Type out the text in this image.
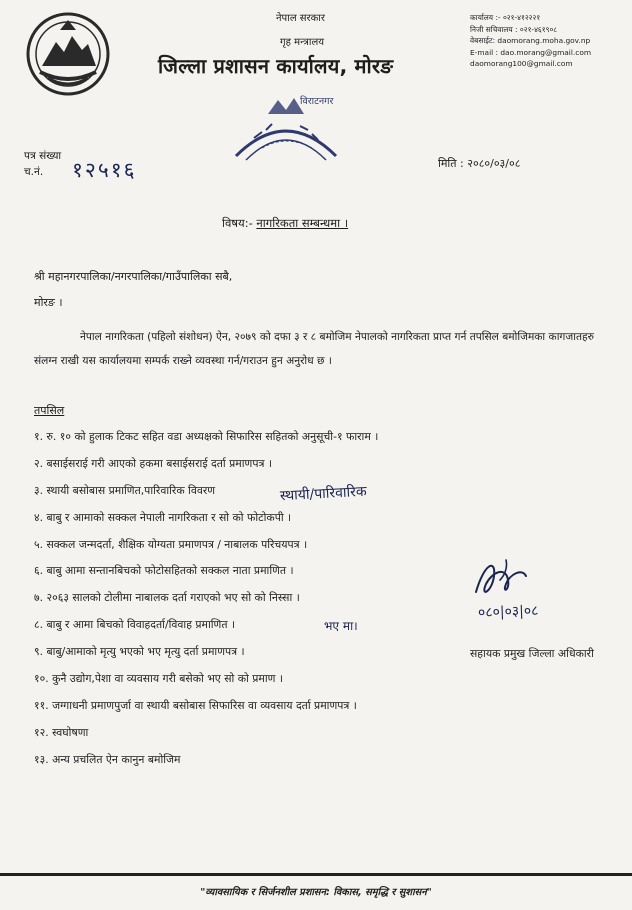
नेपाल सरकार
गृह मन्त्रालय
जिल्ला प्रशासन कार्यालय, मोरङ
कार्यालय :- ०२१-४१२२२१
निजी सचिवालय : ०२१-४६१९०८
वेबसाईट: daomorang.moha.gov.np
E-mail : dao.morang@gmail.com
daomorang100@gmail.com
विराटनगर
पत्र संख्या
च.नं.	१२५१६	मिति : २०८०/०३/०८
विषय:- नागरिकता सम्बन्धमा ।
श्री महानगरपालिका/नगरपालिका/गाउँपालिका सबै,
मोरङ ।
नेपाल नागरिकता (पहिलो संशोधन) ऐन, २०७९ को दफा ३ र ८ बमोजिम नेपालको नागरिकता प्राप्त गर्न तपसिल बमोजिमका कागजातहरु संलग्न राखी यस कार्यालयमा सम्पर्क राख्ने व्यवस्था गर्न/गराउन हुन अनुरोध छ ।
तपसिल
१. रु. १० को हुलाक टिकट सहित वडा अध्यक्षको सिफारिस सहितको अनुसूची-१ फाराम ।
२. बसाईसराई गरी आएको हकमा बसाईसराई दर्ता प्रमाणपत्र ।
३. स्थायी बसोबास प्रमाणित,पारिवारिक विवरण
४. बाबु र आमाको सक्कल नेपाली नागरिकता र सो को फोटोकपी ।
५. सक्कल जन्मदर्ता, शैक्षिक योग्यता प्रमाणपत्र / नाबालक परिचयपत्र ।
६. बाबु आमा सन्तानबिचको फोटोसहितको सक्कल नाता प्रमाणित ।
७. २०६३ सालको टोलीमा नाबालक दर्ता गराएको भए सो को निस्सा ।
८. बाबु र आमा बिचको विवाहदर्ता/विवाह प्रमाणित ।
९. बाबु/आमाको मृत्यु भएको भए मृत्यु दर्ता प्रमाणपत्र ।
१०. कुनै उद्योग,पेशा वा व्यवसाय गरी बसेको भए सो को प्रमाण ।
११. जग्गाधनी प्रमाणपुर्जा वा स्थायी बसोबास सिफारिस वा व्यवसाय दर्ता प्रमाणपत्र ।
१२. स्वघोषणा
१३. अन्य प्रचलित ऐन कानुन बमोजिम
स्थायी/पारिवारिक
भए मा।
०८०|०३|०८
सहायक प्रमुख जिल्ला अधिकारी
"व्यावसायिक र सिर्जनशील प्रशासन: विकास, समृद्धि र सुशासन"
